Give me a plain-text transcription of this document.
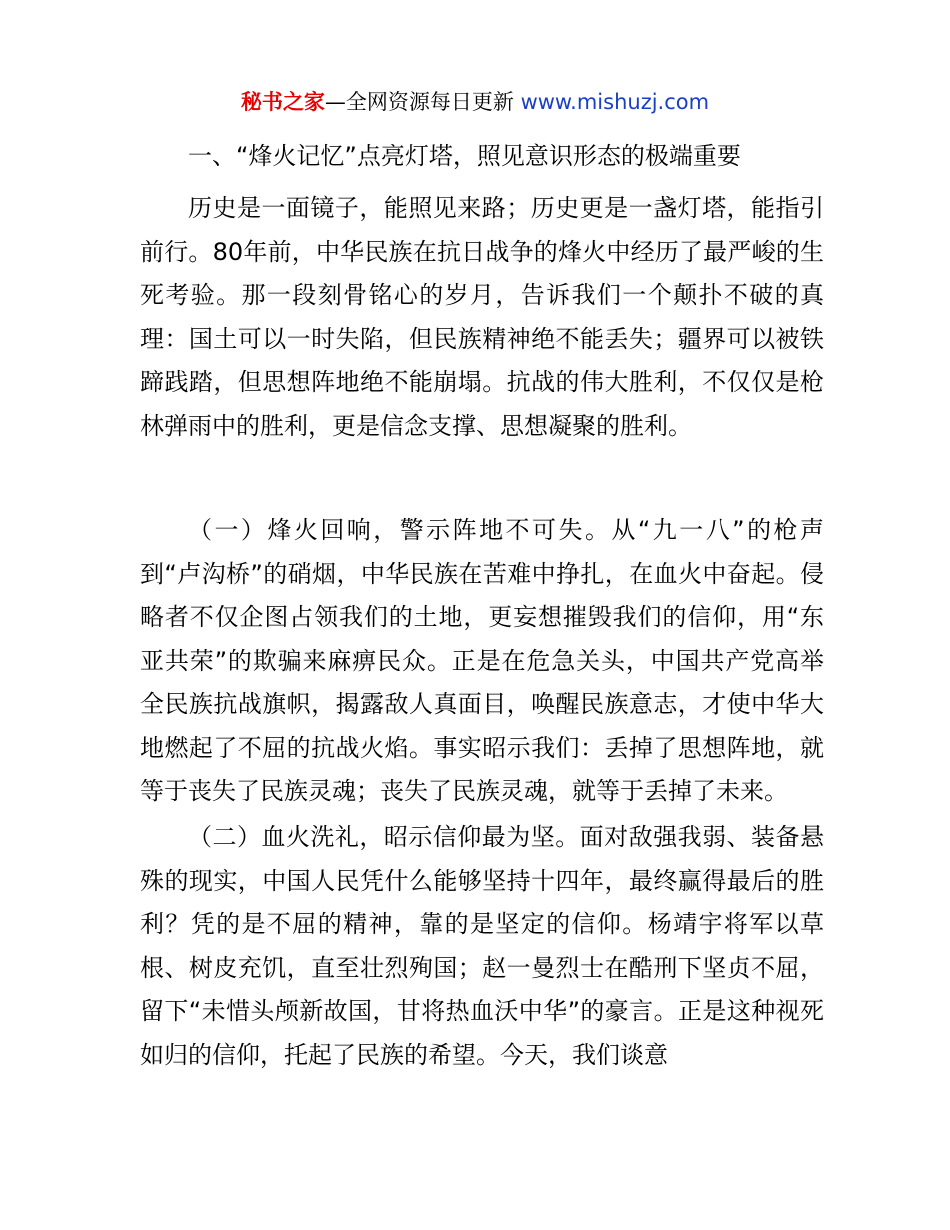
秘书之家—全网资源每日更新 www.mishuzj.com
一、“烽火记忆”点亮灯塔，照见意识形态的极端重要

历史是一面镜子，能照见来路；历史更是一盏灯塔，能指引前行。80年前，中华民族在抗日战争的烽火中经历了最严峻的生死考验。那一段刻骨铭心的岁月，告诉我们一个颠扑不破的真理：国土可以一时失陷，但民族精神绝不能丢失；疆界可以被铁蹄践踏，但思想阵地绝不能崩塌。抗战的伟大胜利，不仅仅是枪林弹雨中的胜利，更是信念支撑、思想凝聚的胜利。

（一）烽火回响，警示阵地不可失。从“九一八”的枪声到“卢沟桥”的硝烟，中华民族在苦难中挣扎，在血火中奋起。侵略者不仅企图占领我们的土地，更妄想摧毁我们的信仰，用“东亚共荣”的欺骗来麻痹民众。正是在危急关头，中国共产党高举全民族抗战旗帜，揭露敌人真面目，唤醒民族意志，才使中华大地燃起了不屈的抗战火焰。事实昭示我们：丢掉了思想阵地，就等于丧失了民族灵魂；丧失了民族灵魂，就等于丢掉了未来。

（二）血火洗礼，昭示信仰最为坚。面对敌强我弱、装备悬殊的现实，中国人民凭什么能够坚持十四年，最终赢得最后的胜利？凭的是不屈的精神，靠的是坚定的信仰。杨靖宇将军以草根、树皮充饥，直至壮烈殉国；赵一曼烈士在酷刑下坚贞不屈，留下“未惜头颅新故国，甘将热血沃中华”的豪言。正是这种视死如归的信仰，托起了民族的希望。今天，我们谈意
